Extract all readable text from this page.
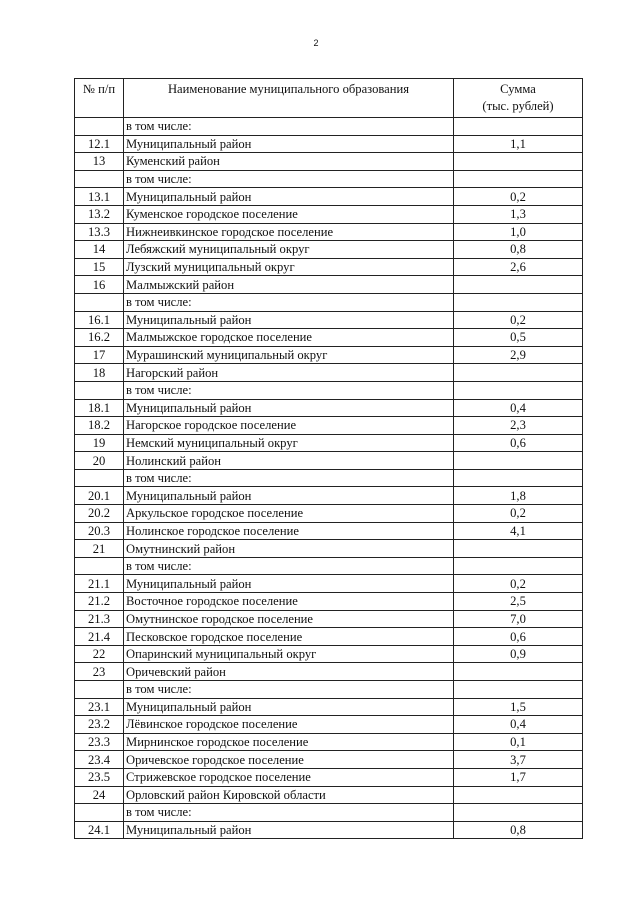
2
№ п/п	Наименование муниципального образования	Сумма
(тыс. рублей)

	в том числе:	
12.1	Муниципальный район	1,1
13	Куменский район	
	в том числе:	
13.1	Муниципальный район	0,2
13.2	Куменское городское поселение	1,3
13.3	Нижнеивкинское городское поселение	1,0
14	Лебяжский муниципальный округ	0,8
15	Лузский муниципальный округ	2,6
16	Малмыжский район	
	в том числе:	
16.1	Муниципальный район	0,2
16.2	Малмыжское городское поселение	0,5
17	Мурашинский муниципальный округ	2,9
18	Нагорский район	
	в том числе:	
18.1	Муниципальный район	0,4
18.2	Нагорское городское поселение	2,3
19	Немский муниципальный округ	0,6
20	Нолинский район	
	в том числе:	
20.1	Муниципальный район	1,8
20.2	Аркульское городское поселение	0,2
20.3	Нолинское городское поселение	4,1
21	Омутнинский район	
	в том числе:	
21.1	Муниципальный район	0,2
21.2	Восточное городское поселение	2,5
21.3	Омутнинское городское поселение	7,0
21.4	Песковское городское поселение	0,6
22	Опаринский муниципальный округ	0,9
23	Оричевский район	
	в том числе:	
23.1	Муниципальный район	1,5
23.2	Лёвинское городское поселение	0,4
23.3	Мирнинское городское поселение	0,1
23.4	Оричевское городское поселение	3,7
23.5	Стрижевское городское поселение	1,7
24	Орловский район Кировской области	
	в том числе:	
24.1	Муниципальный район	0,8
